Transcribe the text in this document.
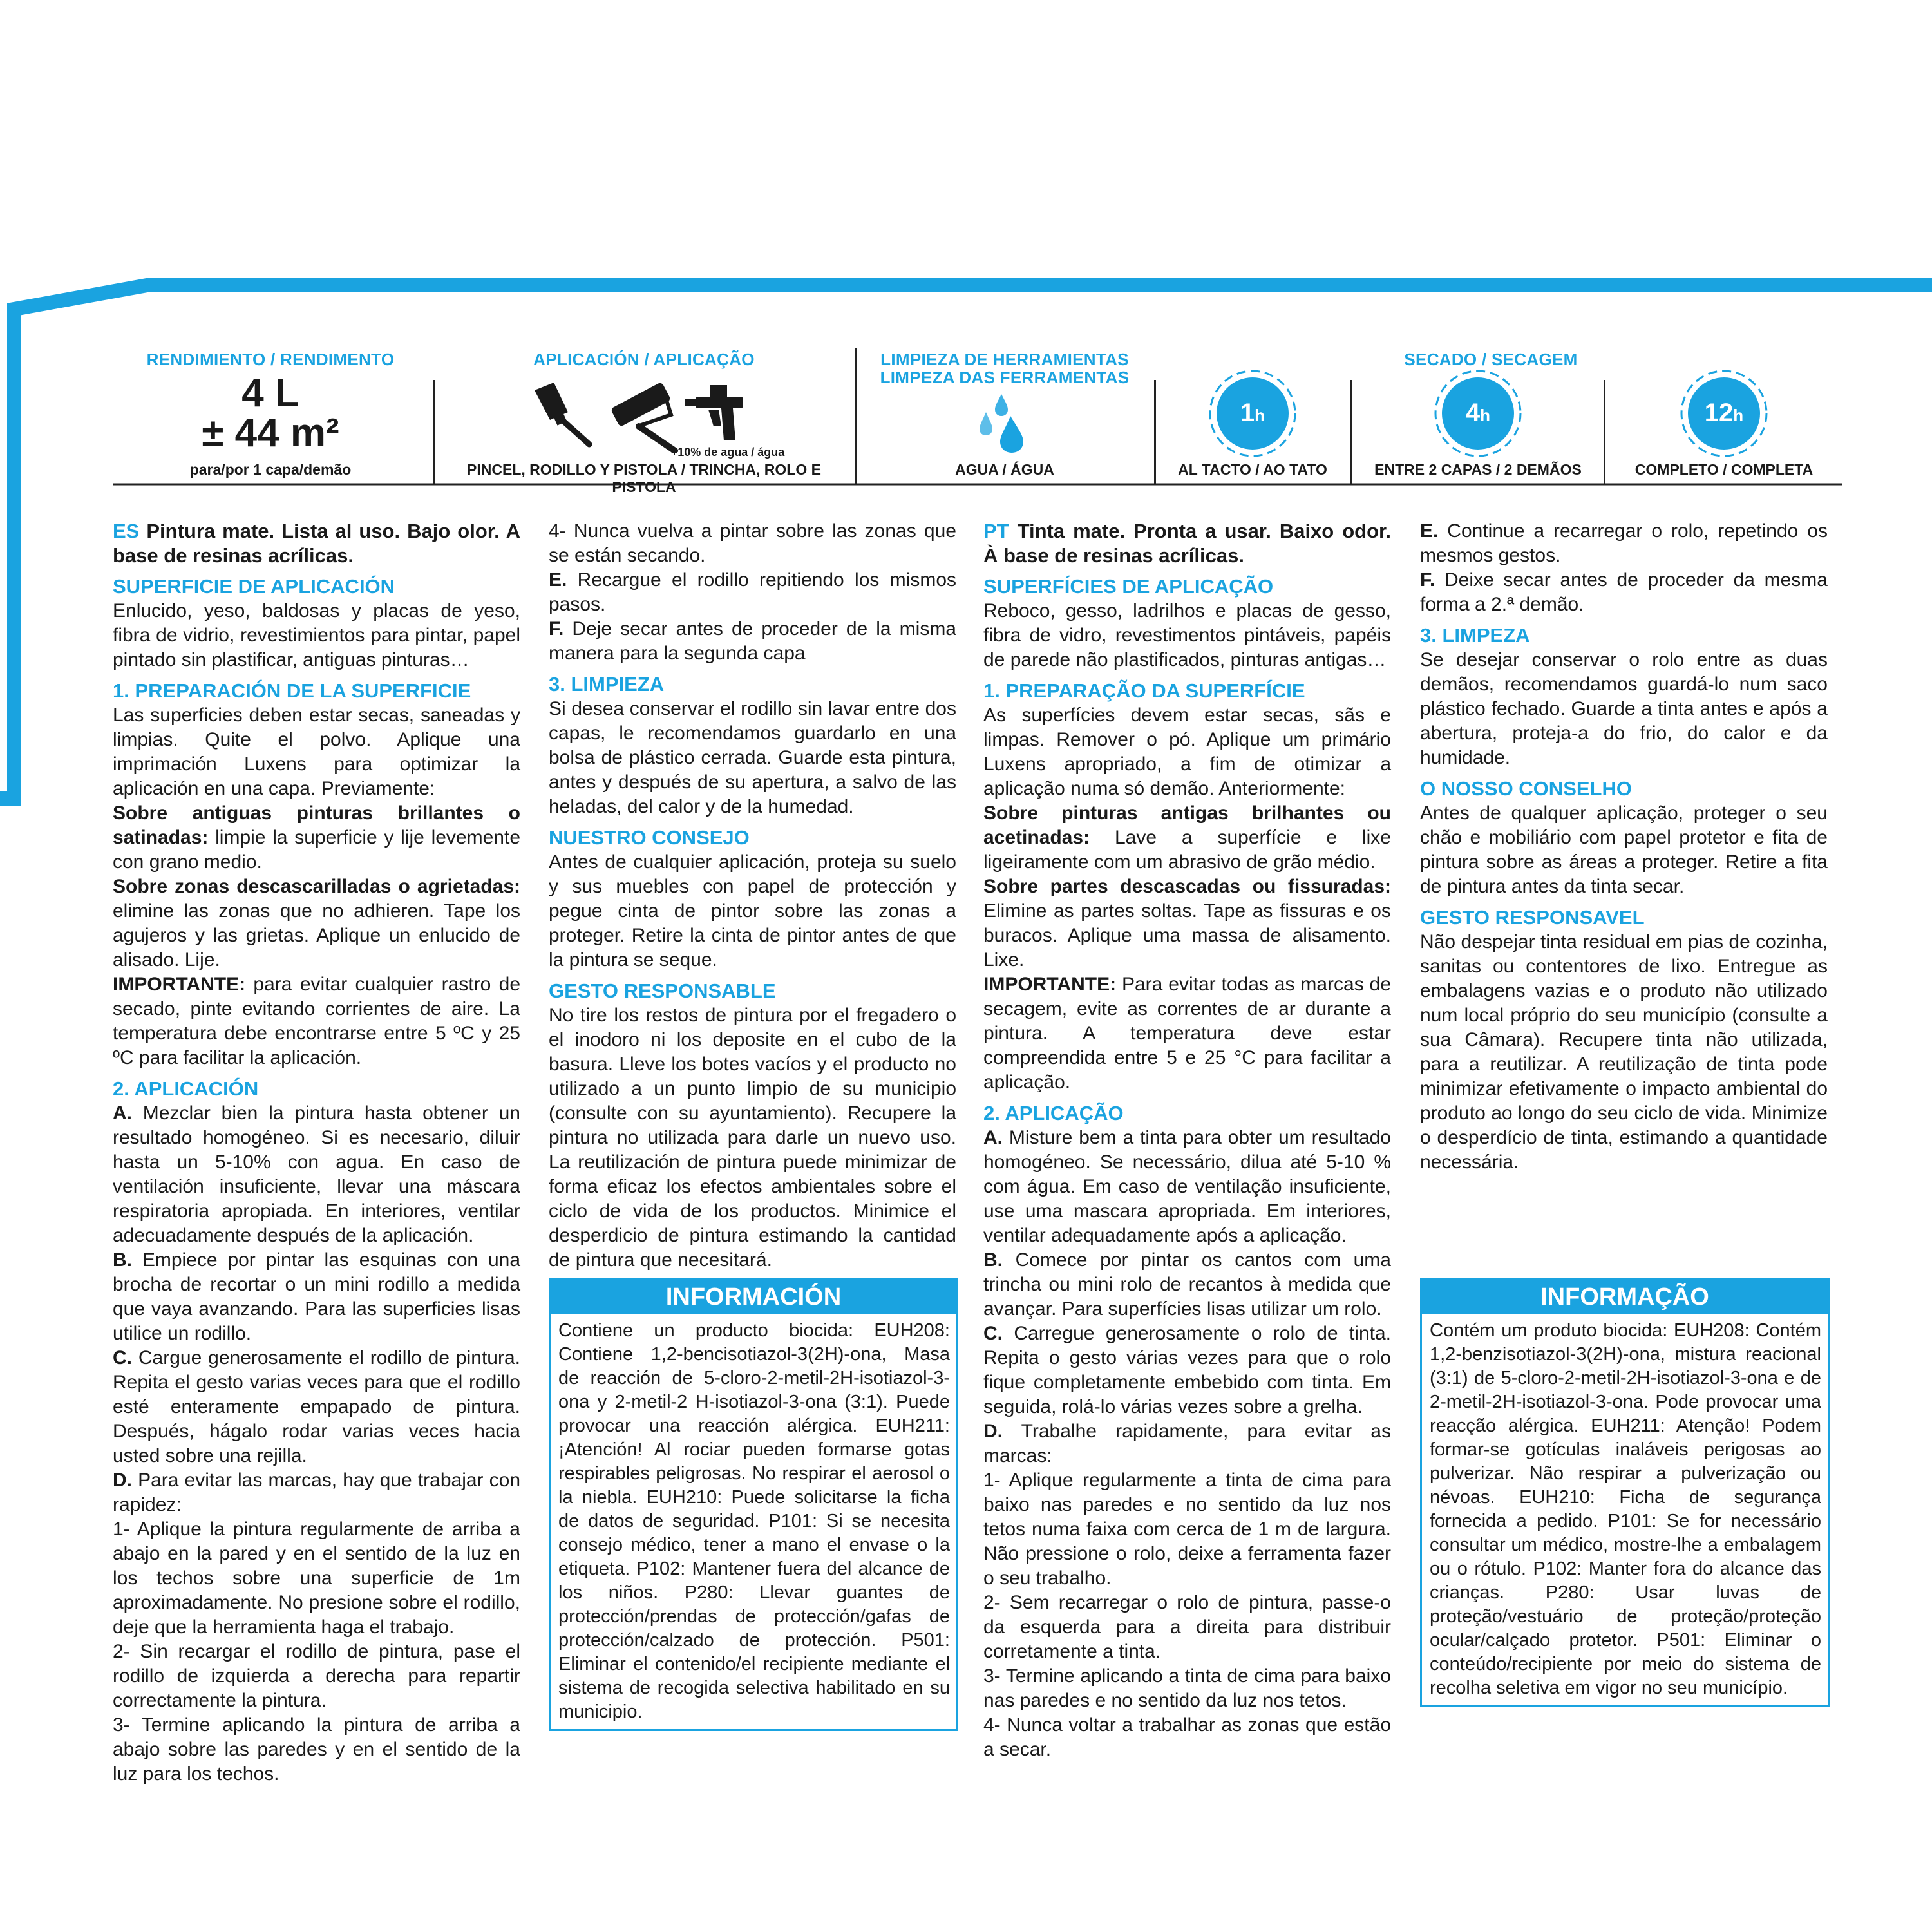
RENDIMIENTO / RENDIMENTO
4 L
± 44 m²
para/por 1 capa/demão
APLICACIÓN / APLICAÇÃO
+10% de agua / água
PINCEL, RODILLO Y PISTOLA / TRINCHA, ROLO E PISTOLA
LIMPIEZA DE HERRAMIENTAS
LIMPEZA DAS FERRAMENTAS
AGUA / ÁGUA
SECADO / SECAGEM
1h
AL TACTO / AO TATO
4h
ENTRE 2 CAPAS / 2 DEMÃOS
12h
COMPLETO / COMPLETA

ES Pintura mate. Lista al uso. Bajo olor. A base de resinas acrílicas.

SUPERFICIE DE APLICACIÓN

Enlucido, yeso, baldosas y placas de yeso, fibra de vidrio, revestimientos para pintar, papel pintado sin plastificar, antiguas pinturas…

1. PREPARACIÓN DE LA SUPERFICIE

Las superficies deben estar secas, saneadas y limpias. Quite el polvo. Aplique una imprimación Luxens para optimizar la aplicación en una capa. Previamente:

Sobre antiguas pinturas brillantes o satinadas: limpie la superficie y lije levemente con grano medio.

Sobre zonas descascarilladas o agrietadas: elimine las zonas que no adhieren. Tape los agujeros y las grietas. Aplique un enlucido de alisado. Lije.

IMPORTANTE: para evitar cualquier rastro de secado, pinte evitando corrientes de aire. La temperatura debe encontrarse entre 5 ºC y 25 ºC para facilitar la aplicación.

2. APLICACIÓN

A. Mezclar bien la pintura hasta obtener un resultado homogéneo. Si es necesario, diluir hasta un 5-10% con agua. En caso de ventilación insuficiente, llevar una máscara respiratoria apropiada. En interiores, ventilar adecuadamente después de la aplicación.

B. Empiece por pintar las esquinas con una brocha de recortar o un mini rodillo a medida que vaya avanzando. Para las superficies lisas utilice un rodillo.

C. Cargue generosamente el rodillo de pintura. Repita el gesto varias veces para que el rodillo esté enteramente empapado de pintura. Después, hágalo rodar varias veces hacia usted sobre una rejilla.

D. Para evitar las marcas, hay que trabajar con rapidez:

1- Aplique la pintura regularmente de arriba a abajo en la pared y en el sentido de la luz en los techos sobre una superficie de 1m aproximadamente. No presione sobre el rodillo, deje que la herramienta haga el trabajo.

2- Sin recargar el rodillo de pintura, pase el rodillo de izquierda a derecha para repartir correctamente la pintura.

3- Termine aplicando la pintura de arriba a abajo sobre las paredes y en el sentido de la luz para los techos.

4- Nunca vuelva a pintar sobre las zonas que se están secando.

E. Recargue el rodillo repitiendo los mismos pasos.

F. Deje secar antes de proceder de la misma manera para la segunda capa

3. LIMPIEZA

Si desea conservar el rodillo sin lavar entre dos capas, le recomendamos guardarlo en una bolsa de plástico cerrada. Guarde esta pintura, antes y después de su apertura, a salvo de las heladas, del calor y de la humedad.

NUESTRO CONSEJO

Antes de cualquier aplicación, proteja su suelo y sus muebles con papel de protección y pegue cinta de pintor sobre las zonas a proteger. Retire la cinta de pintor antes de que la pintura se seque.

GESTO RESPONSABLE

No tire los restos de pintura por el fregadero o el inodoro ni los deposite en el cubo de la basura. Lleve los botes vacíos y el producto no utilizado a un punto limpio de su municipio (consulte con su ayuntamiento). Recupere la pintura no utilizada para darle un nuevo uso. La reutilización de pintura puede minimizar de forma eficaz los efectos ambientales sobre el ciclo de vida de los productos. Minimice el desperdicio de pintura estimando la cantidad de pintura que necesitará.

INFORMACIÓN
Contiene un producto biocida: EUH208: Contiene 1,2-bencisotiazol-3(2H)-ona, Masa de reacción de 5-cloro-2-metil-2H-isotiazol-3-ona y 2-metil-2 H-isotiazol-3-ona (3:1). Puede provocar una reacción alérgica. EUH211: ¡Atención! Al rociar pueden formarse gotas respirables peligrosas. No respirar el aerosol o la niebla. EUH210: Puede solicitarse la ficha de datos de seguridad. P101: Si se necesita consejo médico, tener a mano el envase o la etiqueta. P102: Mantener fuera del alcance de los niños. P280: Llevar guantes de protección/prendas de protección/gafas de protección/calzado de protección. P501: Eliminar el contenido/el recipiente mediante el sistema de recogida selectiva habilitado en su municipio.

PT Tinta mate. Pronta a usar. Baixo odor. À base de resinas acrílicas.

SUPERFÍCIES DE APLICAÇÃO

Reboco, gesso, ladrilhos e placas de gesso, fibra de vidro, revestimentos pintáveis, papéis de parede não plastificados, pinturas antigas…

1. PREPARAÇÃO DA SUPERFÍCIE

As superfícies devem estar secas, sãs e limpas. Remover o pó. Aplique um primário Luxens apropriado, a fim de otimizar a aplicação numa só demão. Anteriormente:

Sobre pinturas antigas brilhantes ou acetinadas: Lave a superfície e lixe ligeiramente com um abrasivo de grão médio.

Sobre partes descascadas ou fissuradas: Elimine as partes soltas. Tape as fissuras e os buracos. Aplique uma massa de alisamento. Lixe.

IMPORTANTE: Para evitar todas as marcas de secagem, evite as correntes de ar durante a pintura. A temperatura deve estar compreendida entre 5 e 25 °C para facilitar a aplicação.

2. APLICAÇÃO

A. Misture bem a tinta para obter um resultado homogéneo. Se necessário, dilua até 5-10 % com água. Em caso de ventilação insuficiente, use uma mascara apropriada. Em interiores, ventilar adequadamente após a aplicação.

B. Comece por pintar os cantos com uma trincha ou mini rolo de recantos à medida que avançar. Para superfícies lisas utilizar um rolo.

C. Carregue generosamente o rolo de tinta. Repita o gesto várias vezes para que o rolo fique completamente embebido com tinta. Em seguida, rolá-lo várias vezes sobre a grelha.

D. Trabalhe rapidamente, para evitar as marcas:

1- Aplique regularmente a tinta de cima para baixo nas paredes e no sentido da luz nos tetos numa faixa com cerca de 1 m de largura. Não pressione o rolo, deixe a ferramenta fazer o seu trabalho.

2- Sem recarregar o rolo de pintura, passe-o da esquerda para a direita para distribuir corretamente a tinta.

3- Termine aplicando a tinta de cima para baixo nas paredes e no sentido da luz nos tetos.

4- Nunca voltar a trabalhar as zonas que estão a secar.

E. Continue a recarregar o rolo, repetindo os mesmos gestos.

F. Deixe secar antes de proceder da mesma forma a 2.ª demão.

3. LIMPEZA

Se desejar conservar o rolo entre as duas demãos, recomendamos guardá-lo num saco plástico fechado. Guarde a tinta antes e após a abertura, proteja-a do frio, do calor e da humidade.

O NOSSO CONSELHO

Antes de qualquer aplicação, proteger o seu chão e mobiliário com papel protetor e fita de pintura sobre as áreas a proteger. Retire a fita de pintura antes da tinta secar.

GESTO RESPONSAVEL

Não despejar tinta residual em pias de cozinha, sanitas ou contentores de lixo. Entregue as embalagens vazias e o produto não utilizado num local próprio do seu município (consulte a sua Câmara). Recupere tinta não utilizada, para a reutilizar. A reutilização de tinta pode minimizar efetivamente o impacto ambiental do produto ao longo do seu ciclo de vida. Minimize o desperdício de tinta, estimando a quantidade necessária.

INFORMAÇÃO
Contém um produto biocida: EUH208: Contém 1,2-benzisotiazol-3(2H)-ona, mistura reacional (3:1) de 5-cloro-2-metil-2H-isotiazol-3-ona e de 2-metil-2H-isotiazol-3-ona. Pode provocar uma reacção alérgica. EUH211: Atenção! Podem formar-se gotículas inaláveis perigosas ao pulverizar. Não respirar a pulverização ou névoas. EUH210: Ficha de segurança fornecida a pedido. P101: Se for necessário consultar um médico, mostre-lhe a embalagem ou o rótulo. P102: Manter fora do alcance das crianças. P280: Usar luvas de proteção/vestuário de proteção/proteção ocular/calçado protetor. P501: Eliminar o conteúdo/recipiente por meio do sistema de recolha seletiva em vigor no seu município.
